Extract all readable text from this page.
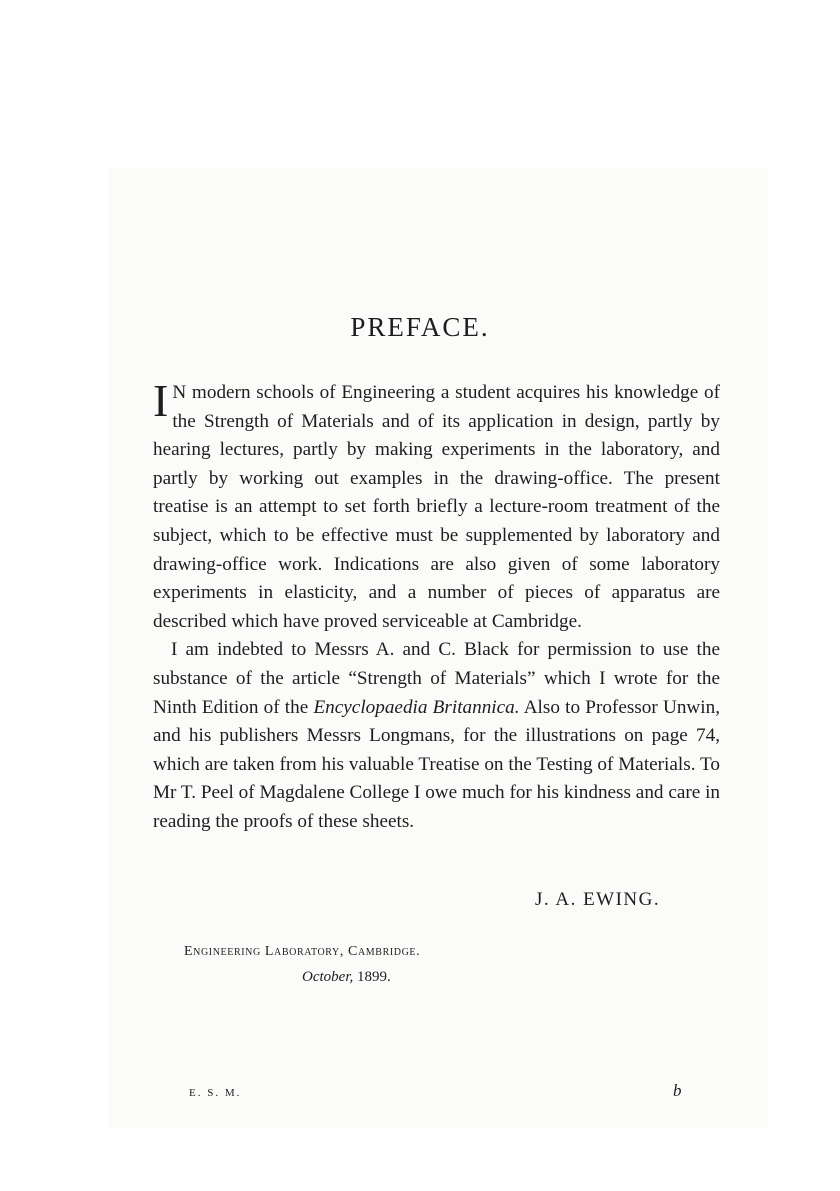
PREFACE.

IN modern schools of Engineering a student acquires his knowledge of the Strength of Materials and of its application in design, partly by hearing lectures, partly by making experiments in the laboratory, and partly by working out examples in the drawing-office. The present treatise is an attempt to set forth briefly a lecture-room treatment of the subject, which to be effective must be supplemented by laboratory and drawing-office work. Indications are also given of some laboratory experiments in elasticity, and a number of pieces of apparatus are described which have proved serviceable at Cambridge.

I am indebted to Messrs A. and C. Black for permission to use the substance of the article “Strength of Materials” which I wrote for the Ninth Edition of the Encyclopaedia Britannica. Also to Professor Unwin, and his publishers Messrs Longmans, for the illustrations on page 74, which are taken from his valuable Treatise on the Testing of Materials. To Mr T. Peel of Magdalene College I owe much for his kindness and care in reading the proofs of these sheets.

J. A. EWING.
Engineering Laboratory, Cambridge.
October, 1899.
E. S. M.	b
